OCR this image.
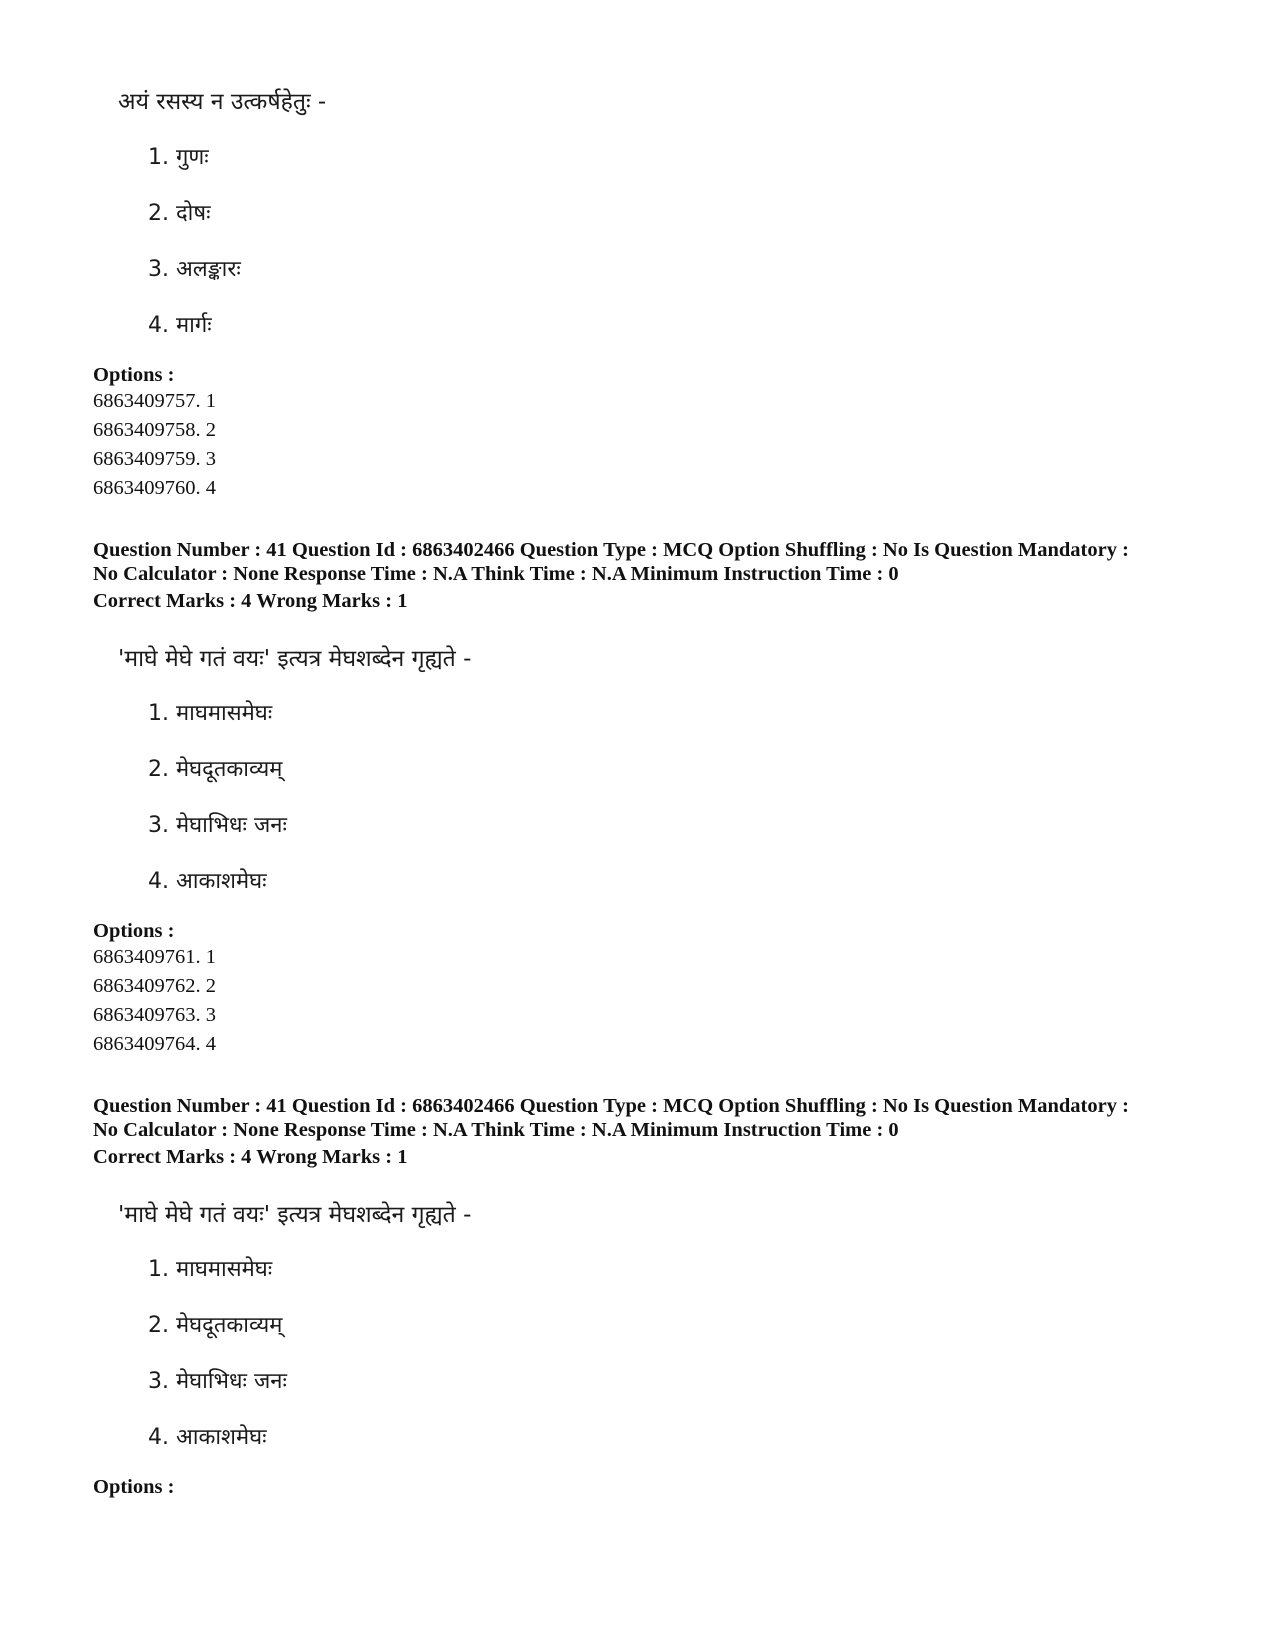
अयं रसस्य न उत्कर्षहेतुः -
1. गुणः
2. दोषः
3. अलङ्कारः
4. मार्गः
Options :
6863409757. 1
6863409758. 2
6863409759. 3
6863409760. 4
Question Number : 41 Question Id : 6863402466 Question Type : MCQ Option Shuffling : No Is Question Mandatory :
No Calculator : None Response Time : N.A Think Time : N.A Minimum Instruction Time : 0
Correct Marks : 4 Wrong Marks : 1
'माघे मेघे गतं वयः' इत्यत्र मेघशब्देन गृह्यते -
1. माघमासमेघः
2. मेघदूतकाव्यम्
3. मेघाभिधः जनः
4. आकाशमेघः
Options :
6863409761. 1
6863409762. 2
6863409763. 3
6863409764. 4
Question Number : 41 Question Id : 6863402466 Question Type : MCQ Option Shuffling : No Is Question Mandatory :
No Calculator : None Response Time : N.A Think Time : N.A Minimum Instruction Time : 0
Correct Marks : 4 Wrong Marks : 1
'माघे मेघे गतं वयः' इत्यत्र मेघशब्देन गृह्यते -
1. माघमासमेघः
2. मेघदूतकाव्यम्
3. मेघाभिधः जनः
4. आकाशमेघः
Options :
